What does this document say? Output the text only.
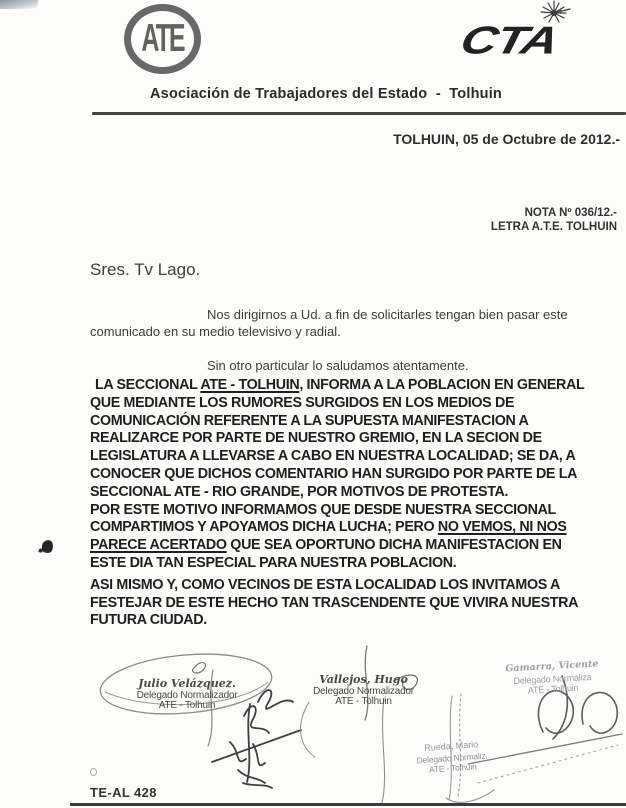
ATE	CTA
Asociación de Trabajadores del Estado  -  Tolhuin
TOLHUIN, 05 de Octubre de 2012.-
NOTA Nº 036/12.-
LETRA A.T.E. TOLHUIN
Sres. Tv Lago.
Nos dirigirnos a Ud. a fin de solicitarles tengan bien pasar este
comunicado en su medio televisivo y radial.
Sin otro particular lo saludamos atentamente.
LA SECCIONAL ATE - TOLHUIN, INFORMA A LA POBLACION EN GENERAL
QUE MEDIANTE LOS RUMORES SURGIDOS EN LOS MEDIOS DE
COMUNICACIÓN REFERENTE A LA SUPUESTA MANIFESTACION A
REALIZARCE POR PARTE DE NUESTRO GREMIO, EN LA SECION DE
LEGISLATURA A LLEVARSE A CABO EN NUESTRA LOCALIDAD; SE DA, A
CONOCER QUE DICHOS COMENTARIO HAN SURGIDO POR PARTE DE LA
SECCIONAL ATE - RIO GRANDE, POR MOTIVOS DE PROTESTA.
POR ESTE MOTIVO INFORMAMOS QUE DESDE NUESTRA SECCIONAL
COMPARTIMOS Y APOYAMOS DICHA LUCHA; PERO NO VEMOS, NI NOS
PARECE ACERTADO QUE SEA OPORTUNO DICHA MANIFESTACION EN
ESTE DIA TAN ESPECIAL PARA NUESTRA POBLACION.
ASI MISMO Y, COMO VECINOS DE ESTA LOCALIDAD LOS INVITAMOS A
FESTEJAR DE ESTE HECHO TAN TRASCENDENTE QUE VIVIRA NUESTRA
FUTURA CIUDAD.
Julio Velázquez.
Delegado Normalizador
ATE - Tolhuin
Vallejos, Hugo
Delegado Normalizador
ATE - Tolhuin
Gamarra, Vicente
Delegado Normaliza
ATE - Tolhuin
Rueda, Mario
Delegado Normaliz.
ATE - Tolhuin
TE-AL 428
